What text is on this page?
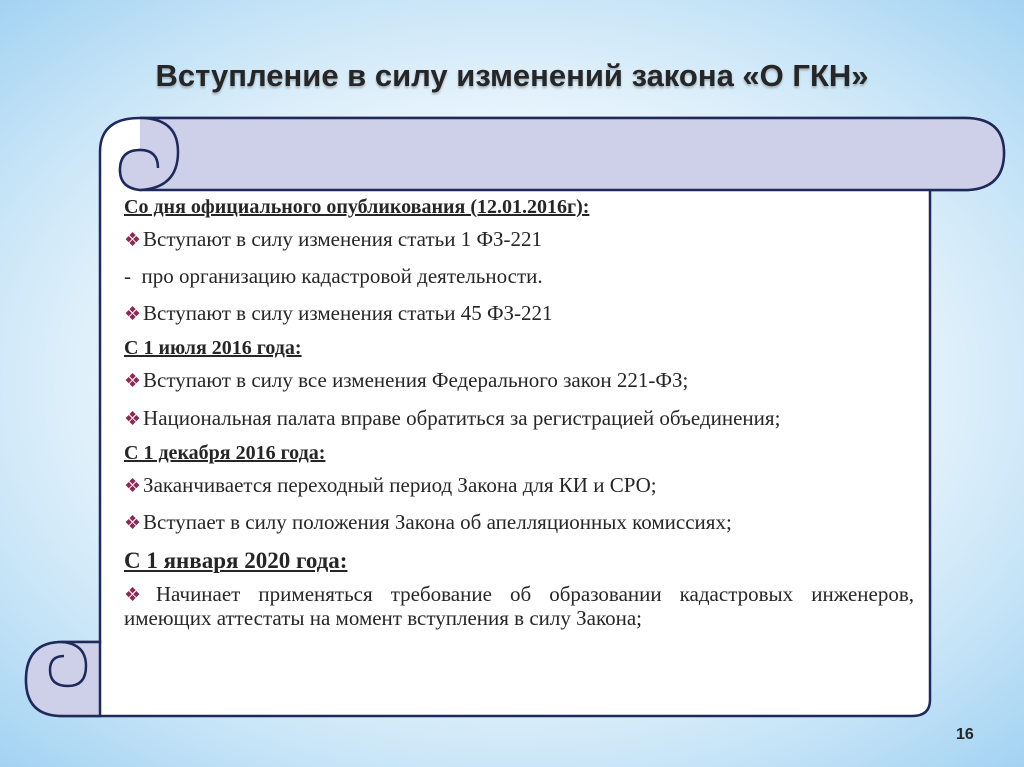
Вступление в силу изменений закона «О ГКН»
Со дня официального опубликования (12.01.2016г):
❖Вступают в силу изменения статьи 1 ФЗ-221
- про организацию кадастровой деятельности.
❖Вступают в силу изменения статьи 45 ФЗ-221
С 1 июля 2016 года:
❖Вступают в силу все изменения Федерального закон 221-ФЗ;
❖Национальная палата вправе обратиться за регистрацией объединения;
С 1 декабря 2016 года:
❖Заканчивается переходный период Закона для КИ и СРО;
❖Вступает в силу положения Закона об апелляционных комиссиях;
С 1 января 2020 года:
❖Начинает применяться требование об образовании кадастровых инженеров, имеющих аттестаты на момент вступления в силу Закона;
16
